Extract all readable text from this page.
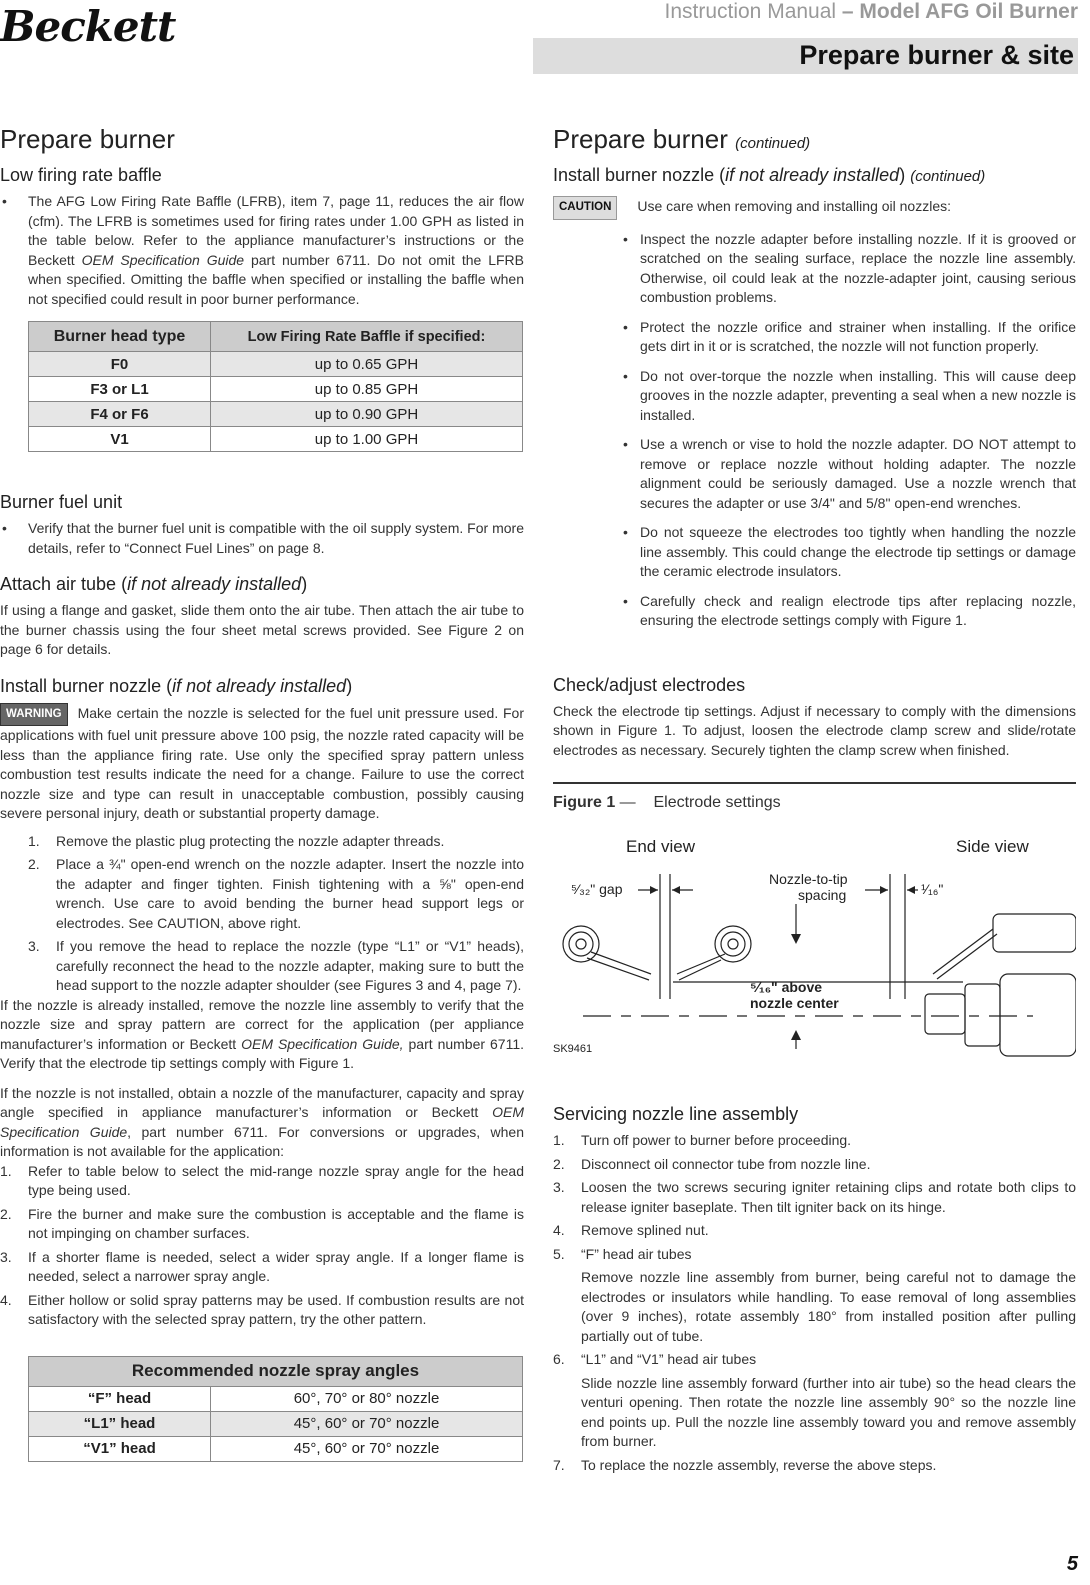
Beckett	Instruction Manual – Model AFG Oil Burner
Prepare burner & site
Prepare burner
Low firing rate baffle
•	The AFG Low Firing Rate Baffle (LFRB), item 7, page 11, reduces the air flow (cfm). The LFRB is sometimes used for firing rates under 1.00 GPH as listed in the table below. Refer to the appliance manufacturer’s instructions or the Beckett OEM Specification Guide part number 6711. Do not omit the LFRB when specified. Omitting the baffle when specified or installing the baffle when not specified could result in poor burner performance.
Burner head type	Low Firing Rate Baffle if specified:
F0	up to 0.65 GPH
F3 or L1	up to 0.85 GPH
F4 or F6	up to 0.90 GPH
V1	up to 1.00 GPH
Burner fuel unit
•	Verify that the burner fuel unit is compatible with the oil supply system. For more details, refer to “Connect Fuel Lines” on page 8.
Attach air tube (if not already installed)

If using a flange and gasket, slide them onto the air tube. Then attach the air tube to the burner chassis using the four sheet metal screws provided. See Figure 2 on page 6 for details.

Install burner nozzle (if not already installed)

WARNING Make certain the nozzle is selected for the fuel unit pressure used. For applications with fuel unit pressure above 100 psig, the nozzle rated capacity will be less than the appliance firing rate. Use only the specified spray pattern unless combustion test results indicate the need for a change. Failure to use the correct nozzle size and type can result in unacceptable combustion, possibly causing severe personal injury, death or substantial property damage.

1.	Remove the plastic plug protecting the nozzle adapter threads.
2.	Place a ¾" open-end wrench on the nozzle adapter. Insert the nozzle into the adapter and finger tighten. Finish tightening with a ⅝" open-end wrench. Use care to avoid bending the burner head support legs or electrodes. See CAUTION, above right.
3.	If you remove the head to replace the nozzle (type “L1” or “V1” heads), carefully reconnect the head to the nozzle adapter, making sure to butt the head support to the nozzle adapter shoulder (see Figures 3 and 4, page 7).

If the nozzle is already installed, remove the nozzle line assembly to verify that the nozzle size and spray pattern are correct for the application (per appliance manufacturer’s information or Beckett OEM Specification Guide, part number 6711. Verify that the electrode tip settings comply with Figure 1.

If the nozzle is not installed, obtain a nozzle of the manufacturer, capacity and spray angle specified in appliance manufacturer’s information or Beckett OEM Specification Guide, part number 6711. For conversions or upgrades, when information is not available for the application:

1.	Refer to table below to select the mid-range nozzle spray angle for the head type being used.
2.	Fire the burner and make sure the combustion is acceptable and the flame is not impinging on chamber surfaces.
3.	If a shorter flame is needed, select a wider spray angle. If a longer flame is needed, select a narrower spray angle.
4.	Either hollow or solid spray patterns may be used. If combustion results are not satisfactory with the selected spray pattern, try the other pattern.
Recommended nozzle spray angles	
“F” head	60°, 70° or 80° nozzle
“L1” head	45°, 60° or 70° nozzle
“V1” head	45°, 60° or 70° nozzle
Prepare burner (continued)
Install burner nozzle (if not already installed) (continued)
CAUTION Use care when removing and installing oil nozzles:
• Inspect the nozzle adapter before installing nozzle. If it is grooved or scratched on the sealing surface, replace the nozzle line assembly. Otherwise, oil could leak at the nozzle-adapter joint, causing serious combustion problems.
• Protect the nozzle orifice and strainer when installing. If the orifice gets dirt in it or is scratched, the nozzle will not function properly.
• Do not over-torque the nozzle when installing. This will cause deep grooves in the nozzle adapter, preventing a seal when a new nozzle is installed.
• Use a wrench or vise to hold the nozzle adapter. DO NOT attempt to remove or replace nozzle without holding adapter. The nozzle alignment could be seriously damaged. Use a nozzle wrench that secures the adapter or use 3/4" and 5/8" open-end wrenches.
• Do not squeeze the electrodes too tightly when handling the nozzle line assembly. This could change the electrode tip settings or damage the ceramic electrode insulators.
• Carefully check and realign electrode tips after replacing nozzle, ensuring the electrode settings comply with Figure 1.
Check/adjust electrodes

Check the electrode tip settings. Adjust if necessary to comply with the dimensions shown in Figure 1. To adjust, loosen the electrode clamp screw and slide/rotate electrodes as necessary. Securely tighten the clamp screw when finished.

Figure 1 —    Electrode settings
End view	Side view
⁵⁄₃₂" gap
Nozzle-to-tip
spacing	¹⁄₁₆"
⁵⁄₁₆" above
nozzle center
SK9461
Servicing nozzle line assembly
1.	Turn off power to burner before proceeding.
2.	Disconnect oil connector tube from nozzle line.
3.	Loosen the two screws securing igniter retaining clips and rotate both clips to release igniter baseplate. Then tilt igniter back on its hinge.
4.	Remove splined nut.
5.	“F” head air tubes

Remove nozzle line assembly from burner, being careful not to damage the electrodes or insulators while handling. To ease removal of long assemblies (over 9 inches), rotate assembly 180° from installed position after pulling partially out of tube.

6.	“L1” and “V1” head air tubes

Slide nozzle line assembly forward (further into air tube) so the head clears the venturi opening. Then rotate the nozzle line assembly 90° so the nozzle line end points up. Pull the nozzle line assembly toward you and remove assembly from burner.

7.	To replace the nozzle assembly, reverse the above steps.
5
